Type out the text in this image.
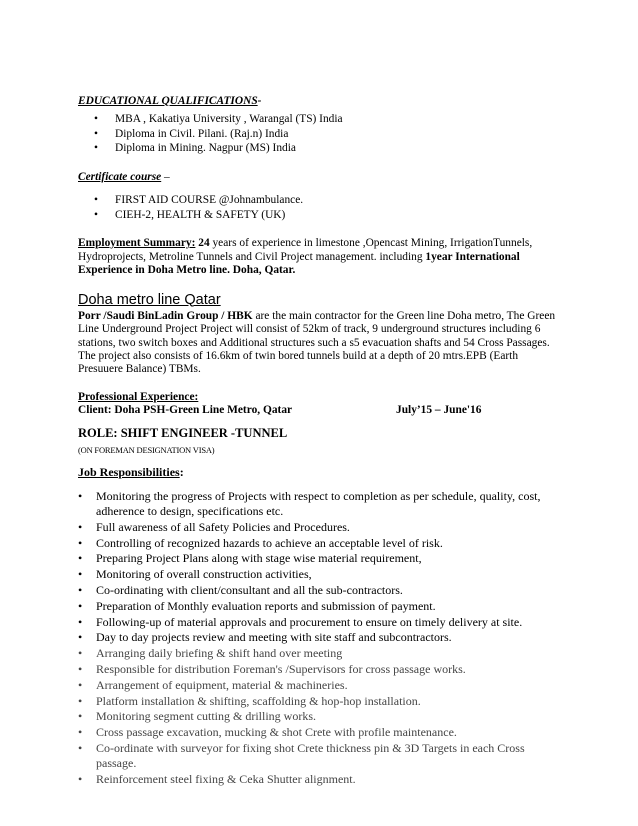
EDUCATIONAL QUALIFICATIONS-
• MBA , Kakatiya University , Warangal (TS) India
• Diploma in Civil. Pilani. (Raj.n) India
• Diploma in Mining. Nagpur (MS) India
Certificate course –
• FIRST AID COURSE @Johnambulance.
• CIEH-2, HEALTH & SAFETY (UK)

Employment Summary: 24 years of experience in limestone ,Opencast Mining, IrrigationTunnels, Hydroprojects, Metroline Tunnels and Civil Project management. including 1year International Experience in Doha Metro line. Doha, Qatar.

Doha metro line Qatar

Porr /Saudi BinLadin Group / HBK are the main contractor for the Green line Doha metro, The Green Line Underground Project Project will consist of 52km of track, 9 underground structures including 6 stations, two switch boxes and Additional structures such a s5 evacuation shafts and 54 Cross Passages. The project also consists of 16.6km of twin bored tunnels build at a depth of 20 mtrs.EPB (Earth Presuuere Balance) TBMs.

Professional Experience:

Client: Doha PSH-Green Line Metro, Qatar	July’15 – June'16

ROLE: SHIFT ENGINEER -TUNNEL

(ON FOREMAN DESIGNATION VISA)

Job Responsibilities:

• Monitoring the progress of Projects with respect to completion as per schedule, quality, cost, adherence to design, specifications etc.
• Full awareness of all Safety Policies and Procedures.
• Controlling of recognized hazards to achieve an acceptable level of risk.
• Preparing Project Plans along with stage wise material requirement,
• Monitoring of overall construction activities,
• Co-ordinating with client/consultant and all the sub-contractors.
• Preparation of Monthly evaluation reports and submission of payment.
• Following-up of material approvals and procurement to ensure on timely delivery at site.
• Day to day projects review and meeting with site staff and subcontractors.
• Arranging daily briefing & shift hand over meeting
• Responsible for distribution Foreman's /Supervisors for cross passage works.
• Arrangement of equipment, material & machineries.
• Platform installation & shifting, scaffolding & hop-hop installation.
• Monitoring segment cutting & drilling works.
• Cross passage excavation, mucking & shot Crete with profile maintenance.
• Co-ordinate with surveyor for fixing shot Crete thickness pin & 3D Targets in each Cross passage.
• Reinforcement steel fixing & Ceka Shutter alignment.
